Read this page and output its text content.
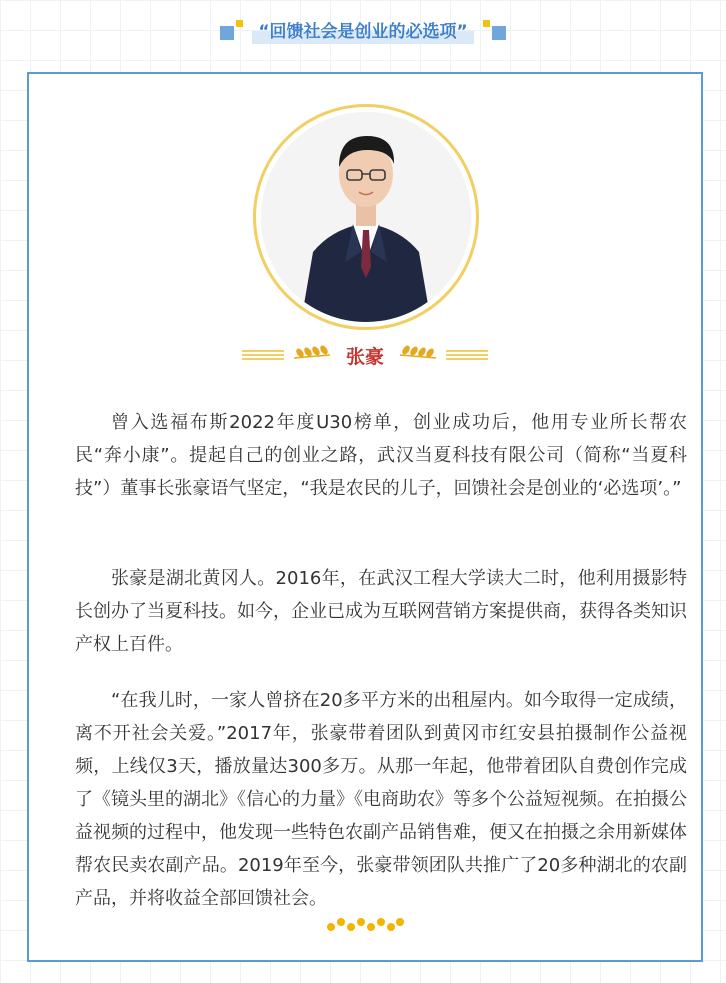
“回馈社会是创业的必选项”
张豪

曾入选福布斯2022年度U30榜单，创业成功后，他用专业所长帮农民“奔小康”。提起自己的创业之路，武汉当夏科技有限公司（简称“当夏科技”）董事长张豪语气坚定，“我是农民的儿子，回馈社会是创业的‘必选项’。”

张豪是湖北黄冈人。2016年，在武汉工程大学读大二时，他利用摄影特长创办了当夏科技。如今，企业已成为互联网营销方案提供商，获得各类知识产权上百件。

“在我儿时，一家人曾挤在20多平方米的出租屋内。如今取得一定成绩，离不开社会关爱。”2017年，张豪带着团队到黄冈市红安县拍摄制作公益视频，上线仅3天，播放量达300多万。从那一年起，他带着团队自费创作完成了《镜头里的湖北》《信心的力量》《电商助农》等多个公益短视频。在拍摄公益视频的过程中，他发现一些特色农副产品销售难，便又在拍摄之余用新媒体帮农民卖农副产品。2019年至今，张豪带领团队共推广了20多种湖北的农副产品，并将收益全部回馈社会。
